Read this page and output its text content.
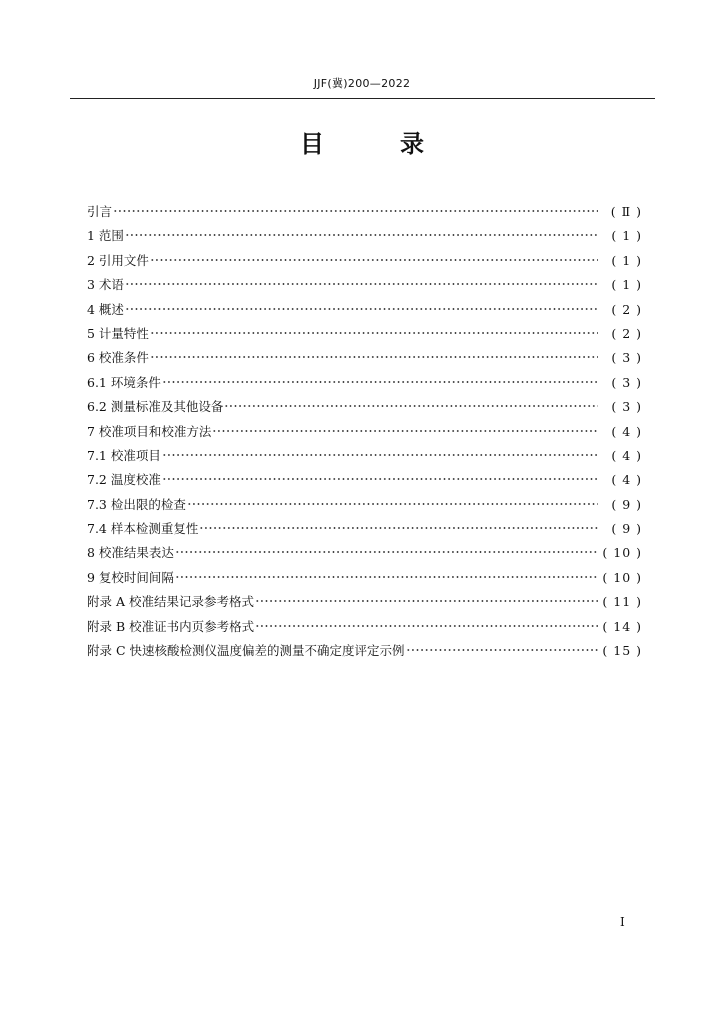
JJF(冀)200—2022
目　录
引言	( Ⅱ )
1 范围	( 1 )
2 引用文件	( 1 )
3 术语	( 1 )
4 概述	( 2 )
5 计量特性	( 2 )
6 校准条件	( 3 )
6.1 环境条件	( 3 )
6.2 测量标准及其他设备	( 3 )
7 校准项目和校准方法	( 4 )
7.1 校准项目	( 4 )
7.2 温度校准	( 4 )
7.3 检出限的检查	( 9 )
7.4 样本检测重复性	( 9 )
8 校准结果表达	( 10 )
9 复校时间间隔	( 10 )
附录 A 校准结果记录参考格式	( 11 )
附录 B 校准证书内页参考格式	( 14 )
附录 C 快速核酸检测仪温度偏差的测量不确定度评定示例	( 15 )
I
